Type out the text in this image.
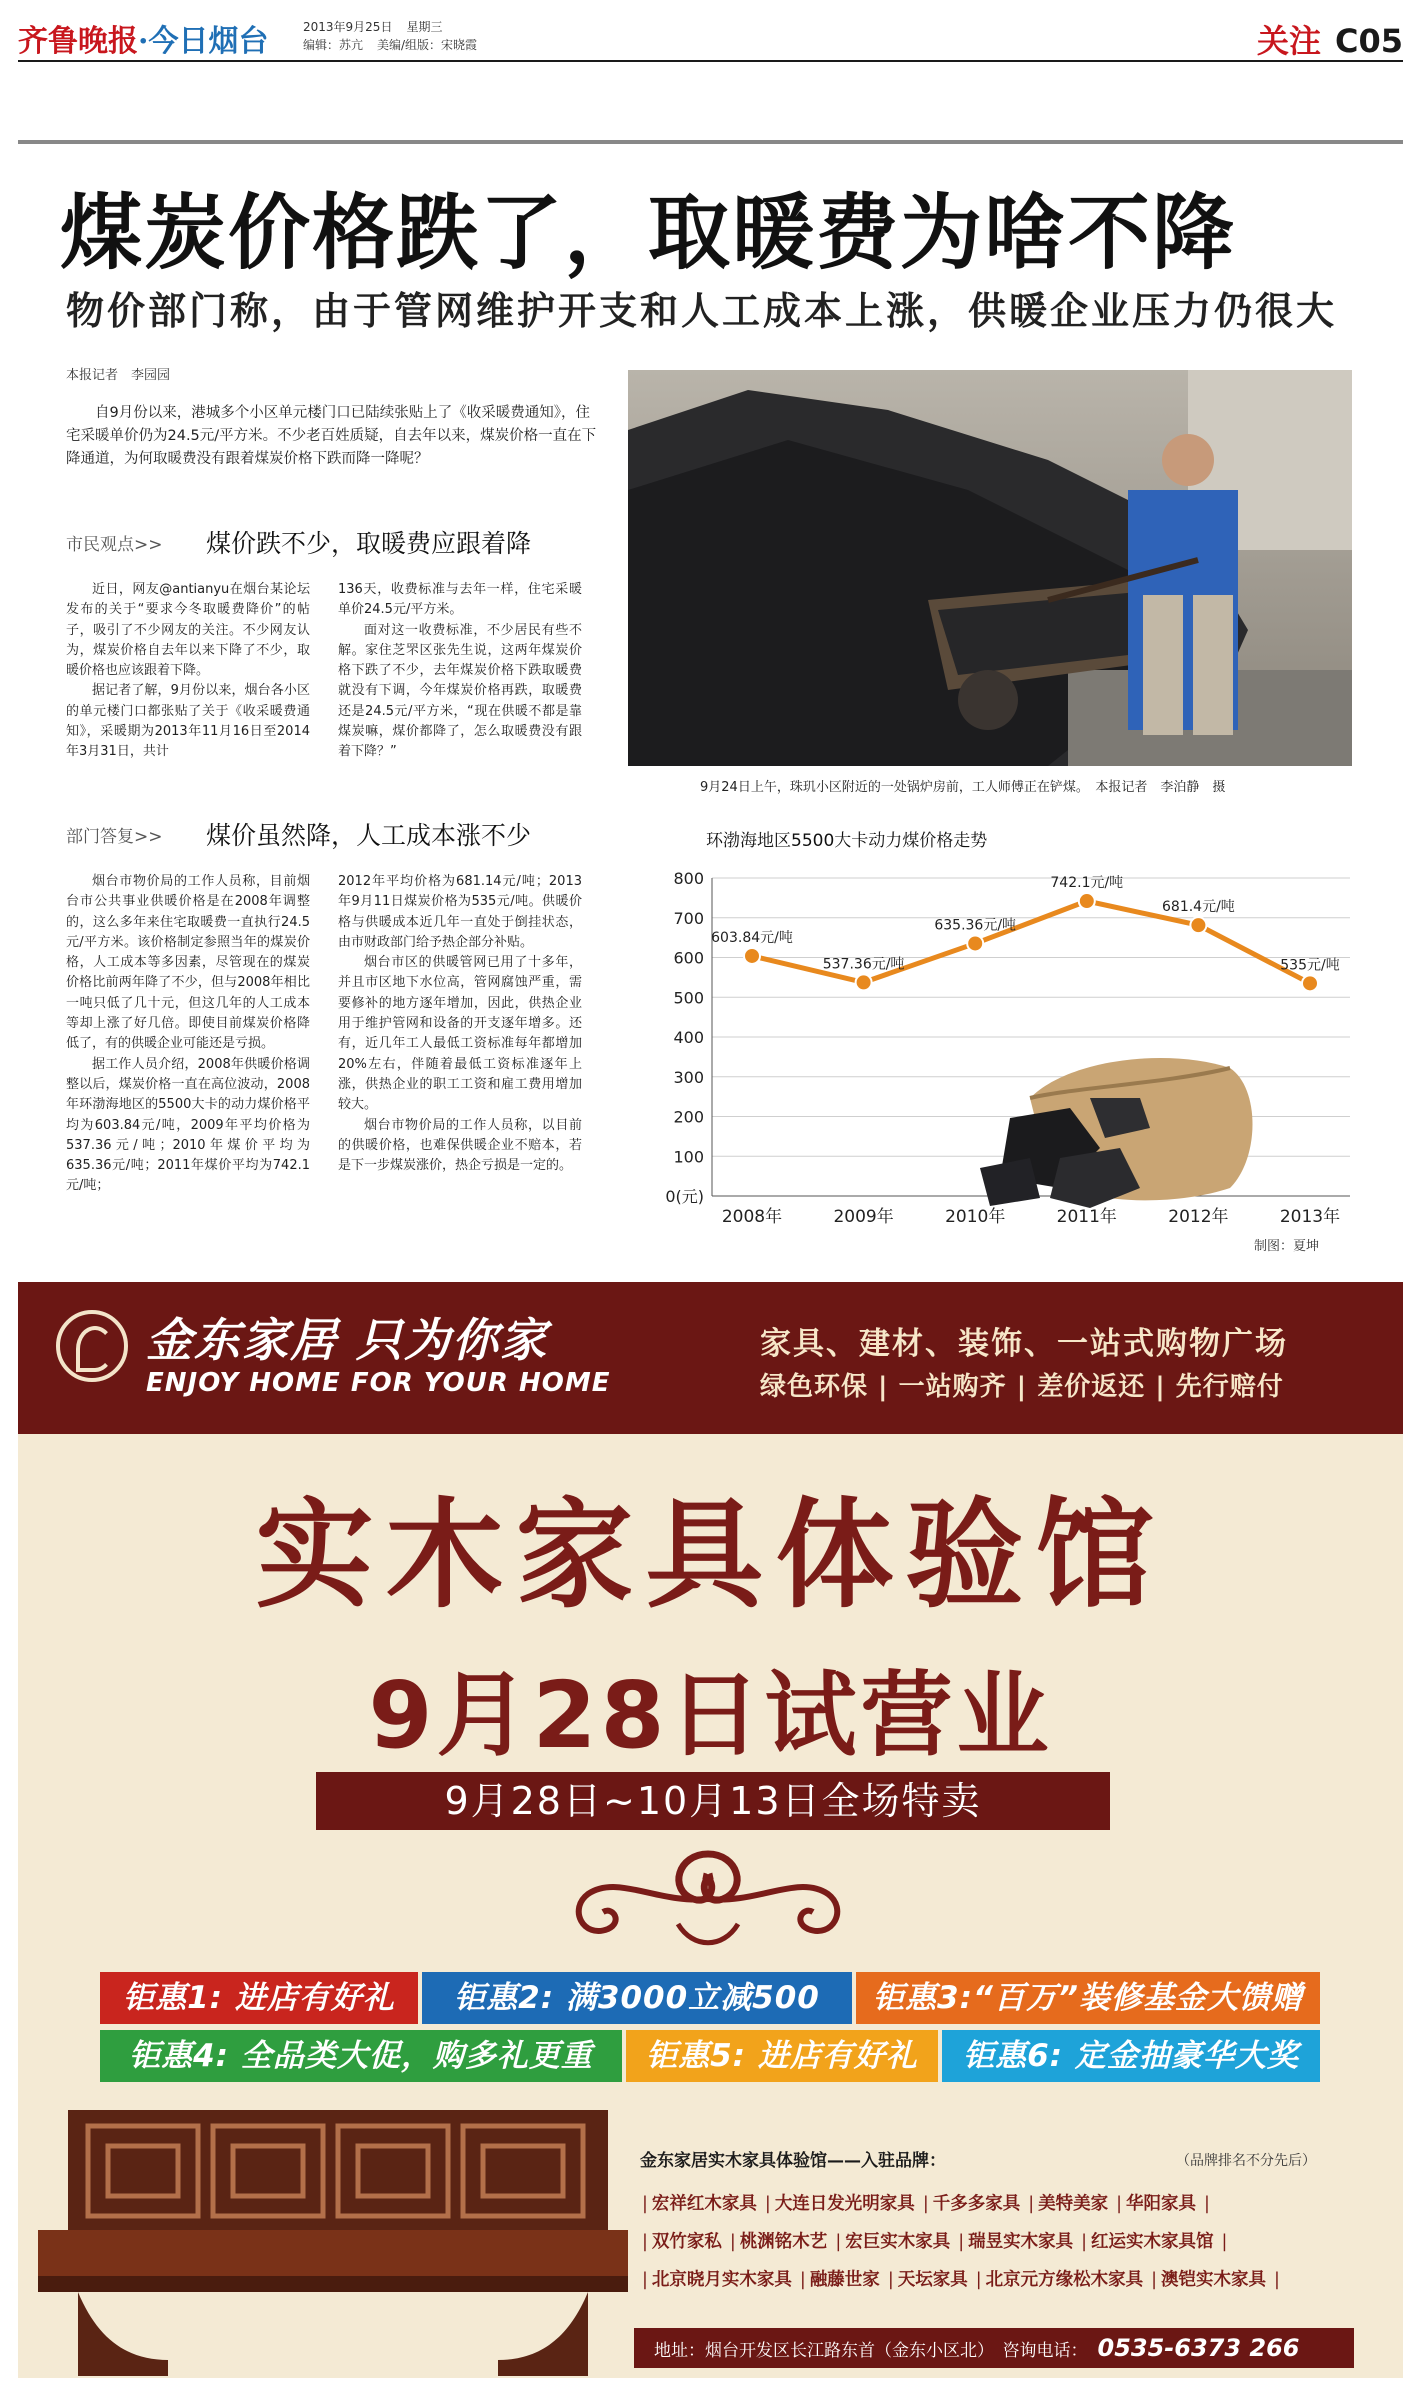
齐鲁晚报·今日烟台	2013年9月25日 星期三
编辑：苏亢 美编/组版：宋晓霞	关注 C05
煤炭价格跌了，取暖费为啥不降
物价部门称，由于管网维护开支和人工成本上涨，供暖企业压力仍很大
本报记者　李园园

自9月份以来，港城多个小区单元楼门口已陆续张贴上了《收采暖费通知》，住宅采暖单价仍为24.5元/平方米。不少老百姓质疑，自去年以来，煤炭价格一直在下降通道，为何取暖费没有跟着煤炭价格下跌而降一降呢？

市民观点>> 煤价跌不少，取暖费应跟着降

近日，网友@antianyu在烟台某论坛发布的关于“要求今冬取暖费降价”的帖子，吸引了不少网友的关注。不少网友认为，煤炭价格自去年以来下降了不少，取暖价格也应该跟着下降。

据记者了解，9月份以来，烟台各小区的单元楼门口都张贴了关于《收采暖费通知》，采暖期为2013年11月16日至2014年3月31日，共计

136天，收费标准与去年一样，住宅采暖单价24.5元/平方米。

面对这一收费标准，不少居民有些不解。家住芝罘区张先生说，这两年煤炭价格下跌了不少，去年煤炭价格下跌取暖费就没有下调，今年煤炭价格再跌，取暖费还是24.5元/平方米，“现在供暖不都是靠煤炭嘛，煤价都降了，怎么取暖费没有跟着下降？”

部门答复>> 煤价虽然降，人工成本涨不少

烟台市物价局的工作人员称，目前烟台市公共事业供暖价格是在2008年调整的，这么多年来住宅取暖费一直执行24.5元/平方米。该价格制定参照当年的煤炭价格，人工成本等多因素，尽管现在的煤炭价格比前两年降了不少，但与2008年相比一吨只低了几十元，但这几年的人工成本等却上涨了好几倍。即使目前煤炭价格降低了，有的供暖企业可能还是亏损。

据工作人员介绍，2008年供暖价格调整以后，煤炭价格一直在高位波动，2008年环渤海地区的5500大卡的动力煤价格平均为603.84元/吨，2009年平均价格为537.36元/吨；2010年煤价平均为635.36元/吨；2011年煤价平均为742.1元/吨；

2012年平均价格为681.14元/吨；2013年9月11日煤炭价格为535元/吨。供暖价格与供暖成本近几年一直处于倒挂状态，由市财政部门给予热企部分补贴。

烟台市区的供暖管网已用了十多年，并且市区地下水位高，管网腐蚀严重，需要修补的地方逐年增加，因此，供热企业用于维护管网和设备的开支逐年增多。还有，近几年工人最低工资标准每年都增加20%左右，伴随着最低工资标准逐年上涨，供热企业的职工工资和雇工费用增加较大。

烟台市物价局的工作人员称，以目前的供暖价格，也难保供暖企业不赔本，若是下一步煤炭涨价，热企亏损是一定的。

9月24日上午，珠玑小区附近的一处锅炉房前，工人师傅正在铲煤。　本报记者　李泊静　摄
环渤海地区5500大卡动力煤价格走势
0(元)
100
200
300
400
500
600
700
800
2008年	2009年	2010年	2011年	2012年	2013年
603.84元/吨
537.36元/吨
635.36元/吨
742.1元/吨
681.4元/吨
535元/吨
制图：夏坤
金东家居 只为你家
ENJOY HOME FOR YOUR HOME
家具、建材、装饰、一站式购物广场
绿色环保 | 一站购齐 | 差价返还 | 先行赔付
实木家具体验馆
9月28日试营业
9月28日~10月13日全场特卖
钜惠1: 进店有好礼	钜惠2: 满3000立减500	钜惠3:“百万”装修基金大馈赠
钜惠4: 全品类大促，购多礼更重	钜惠5: 进店有好礼	钜惠6: 定金抽豪华大奖
金东家居实木家具体验馆——入驻品牌：	（品牌排名不分先后）
| 宏祥红木家具 | 大连日发光明家具 | 千多多家具 | 美特美家 | 华阳家具 |
| 双竹家私 | 桃渊铭木艺 | 宏巨实木家具 | 瑞昱实木家具 | 红运实木家具馆 |
| 北京晓月实木家具 | 融藤世家 | 天坛家具 | 北京元方缘松木家具 | 澳铠实木家具 |
地址：烟台开发区长江路东首（金东小区北）　咨询电话： 0535-6373 266
